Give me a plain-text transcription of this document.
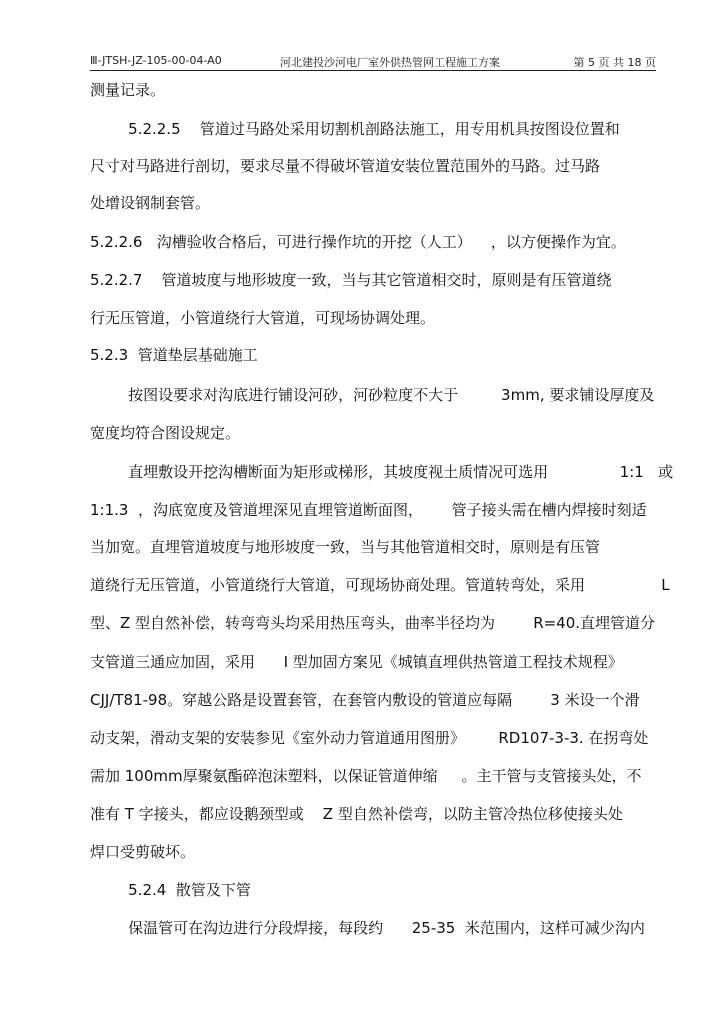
Ⅲ-JTSH-JZ-105-00-04-A0	河北建投沙河电厂室外供热管网工程施工方案	第 5 页 共 18 页
测量记录。
5.2.2.5    管道过马路处采用切割机剖路法施工，用专用机具按图设位置和
尺寸对马路进行剖切，要求尽量不得破坏管道安装位置范围外的马路。过马路
处增设钢制套管。
5.2.2.6   沟槽验收合格后，可进行操作坑的开挖（人工）    ，以方便操作为宜。
5.2.2.7    管道坡度与地形坡度一致，当与其它管道相交时，原则是有压管道绕
行无压管道，小管道绕行大管道，可现场协调处理。
5.2.3  管道垫层基础施工
按图设要求对沟底进行铺设河砂，河砂粒度不大于         3mm, 要求铺设厚度及
宽度均符合图设规定。
直埋敷设开挖沟槽断面为矩形或梯形，其坡度视土质情况可选用               1:1   或
1:1.3  ，沟底宽度及管道埋深见直埋管道断面图，      管子接头需在槽内焊接时刻适
当加宽。直埋管道坡度与地形坡度一致，当与其他管道相交时，原则是有压管
道绕行无压管道，小管道绕行大管道，可现场协商处理。管道转弯处，采用                L
型、Z 型自然补偿，转弯弯头均采用热压弯头，曲率半径均为        R=40.直埋管道分
支管道三通应加固，采用      Ⅰ 型加固方案见《城镇直埋供热管道工程技术规程》
CJJ/T81-98。穿越公路是设置套管，在套管内敷设的管道应每隔        3 米设一个滑
动支架，滑动支架的安装参见《室外动力管道通用图册》       RD107-3-3. 在拐弯处
需加 100mm厚聚氨酯碎泡沫塑料，以保证管道伸缩     。主干管与支管接头处，不
准有 T 字接头，都应设鹅颈型或    Z 型自然补偿弯，以防主管冷热位移使接头处
焊口受剪破坏。
5.2.4  散管及下管
保温管可在沟边进行分段焊接，每段约      25-35  米范围内，这样可减少沟内
